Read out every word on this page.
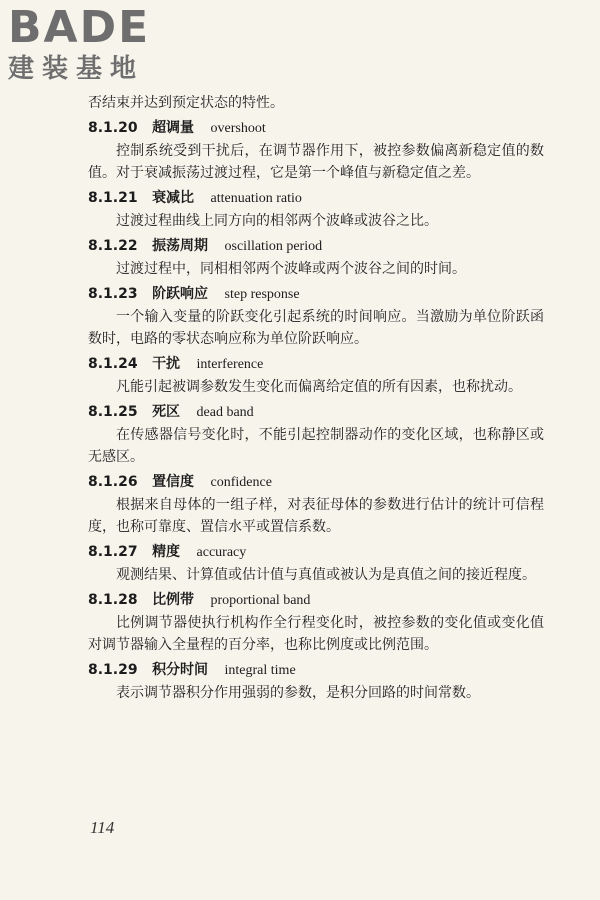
BADE
建装基地

否结束并达到预定状态的特性。

8.1.20 超调量 overshoot

控制系统受到干扰后，在调节器作用下，被控参数偏离新稳定值的数值。对于衰减振荡过渡过程，它是第一个峰值与新稳定值之差。

8.1.21 衰减比 attenuation ratio

过渡过程曲线上同方向的相邻两个波峰或波谷之比。

8.1.22 振荡周期 oscillation period

过渡过程中，同相相邻两个波峰或两个波谷之间的时间。

8.1.23 阶跃响应 step response

一个输入变量的阶跃变化引起系统的时间响应。当激励为单位阶跃函数时，电路的零状态响应称为单位阶跃响应。

8.1.24 干扰 interference

凡能引起被调参数发生变化而偏离给定值的所有因素，也称扰动。

8.1.25 死区 dead band

在传感器信号变化时，不能引起控制器动作的变化区域，也称静区或无感区。

8.1.26 置信度 confidence

根据来自母体的一组子样，对表征母体的参数进行估计的统计可信程度，也称可靠度、置信水平或置信系数。

8.1.27 精度 accuracy

观测结果、计算值或估计值与真值或被认为是真值之间的接近程度。

8.1.28 比例带 proportional band

比例调节器使执行机构作全行程变化时，被控参数的变化值或变化值对调节器输入全量程的百分率，也称比例度或比例范围。

8.1.29 积分时间 integral time

表示调节器积分作用强弱的参数，是积分回路的时间常数。

114
